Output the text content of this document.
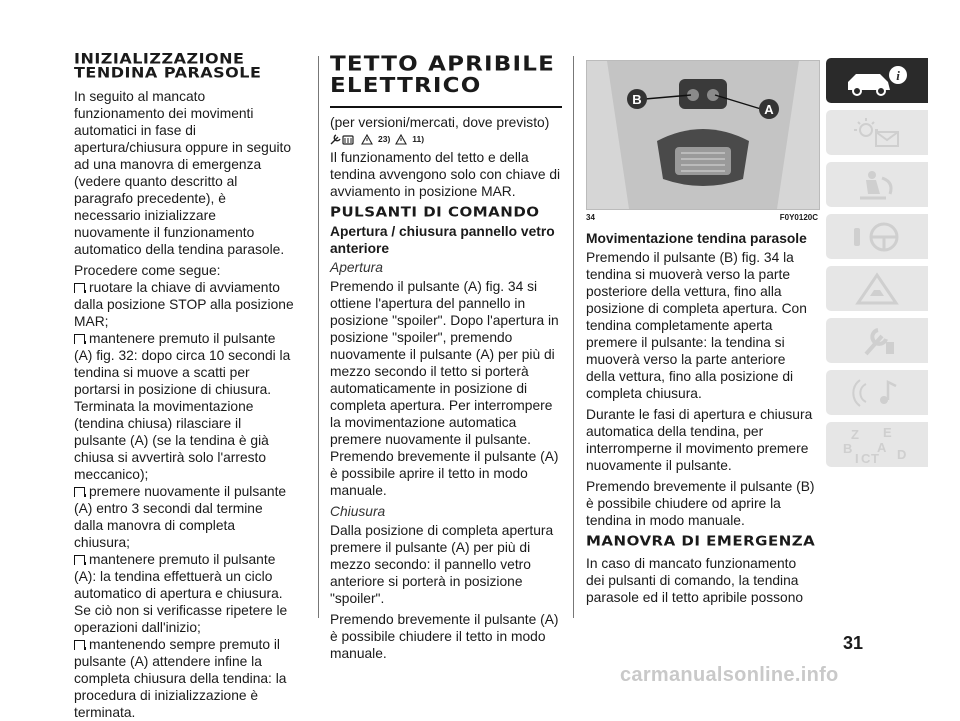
INIZIALIZZAZIONE TENDINA PARASOLE

In seguito al mancato funzionamento dei movimenti automatici in fase di apertura/chiusura oppure in seguito ad una manovra di emergenza (vedere quanto descritto al paragrafo precedente), è necessario inizializzare nuovamente il funzionamento automatico della tendina parasole.

Procedere come segue:

ruotare la chiave di avviamento dalla posizione STOP alla posizione MAR;
mantenere premuto il pulsante (A) fig. 32: dopo circa 10 secondi la tendina si muove a scatti per portarsi in posizione di chiusura. Terminata la movimentazione (tendina chiusa) rilasciare il pulsante (A) (se la tendina è già chiusa si avvertirà solo l'arresto meccanico);
premere nuovamente il pulsante (A) entro 3 secondi dal termine dalla manovra di completa chiusura;
mantenere premuto il pulsante (A): la tendina effettuerà un ciclo automatico di apertura e chiusura. Se ciò non si verificasse ripetere le operazioni dall'inizio;
mantenendo sempre premuto il pulsante (A) attendere infine la completa chiusura della tendina: la procedura di inizializzazione è terminata.
TETTO APRIBILE ELETTRICO

(per versioni/mercati, dove previsto)

23)	11)

Il funzionamento del tetto e della tendina avvengono solo con chiave di avviamento in posizione MAR.

PULSANTI DI COMANDO
Apertura / chiusura pannello vetro anteriore
Apertura

Premendo il pulsante (A) fig. 34 si ottiene l'apertura del pannello in posizione "spoiler". Dopo l'apertura in posizione "spoiler", premendo nuovamente il pulsante (A) per più di mezzo secondo il tetto si porterà automaticamente in posizione di completa apertura. Per interrompere la movimentazione automatica premere nuovamente il pulsante. Premendo brevemente il pulsante (A) è possibile aprire il tetto in modo manuale.

Chiusura

Dalla posizione di completa apertura premere il pulsante (A) per più di mezzo secondo: il pannello vetro anteriore si porterà in posizione "spoiler".

Premendo brevemente il pulsante (A) è possibile chiudere il tetto in modo manuale.

B
A
34	F0Y0120C
Movimentazione tendina parasole

Premendo il pulsante (B) fig. 34 la tendina si muoverà verso la parte posteriore della vettura, fino alla posizione di completa apertura. Con tendina completamente aperta premere il pulsante: la tendina si muoverà verso la parte anteriore della vettura, fino alla posizione di completa chiusura.

Durante le fasi di apertura e chiusura automatica della tendina, per interromperne il movimento premere nuovamente il pulsante.

Premendo brevemente il pulsante (B) è possibile chiudere od aprire la tendina in modo manuale.

MANOVRA DI EMERGENZA

In caso di mancato funzionamento dei pulsanti di comando, la tendina parasole ed il tetto apribile possono

i
Z E
B A
C D
I T
31
carmanualsonline.info
